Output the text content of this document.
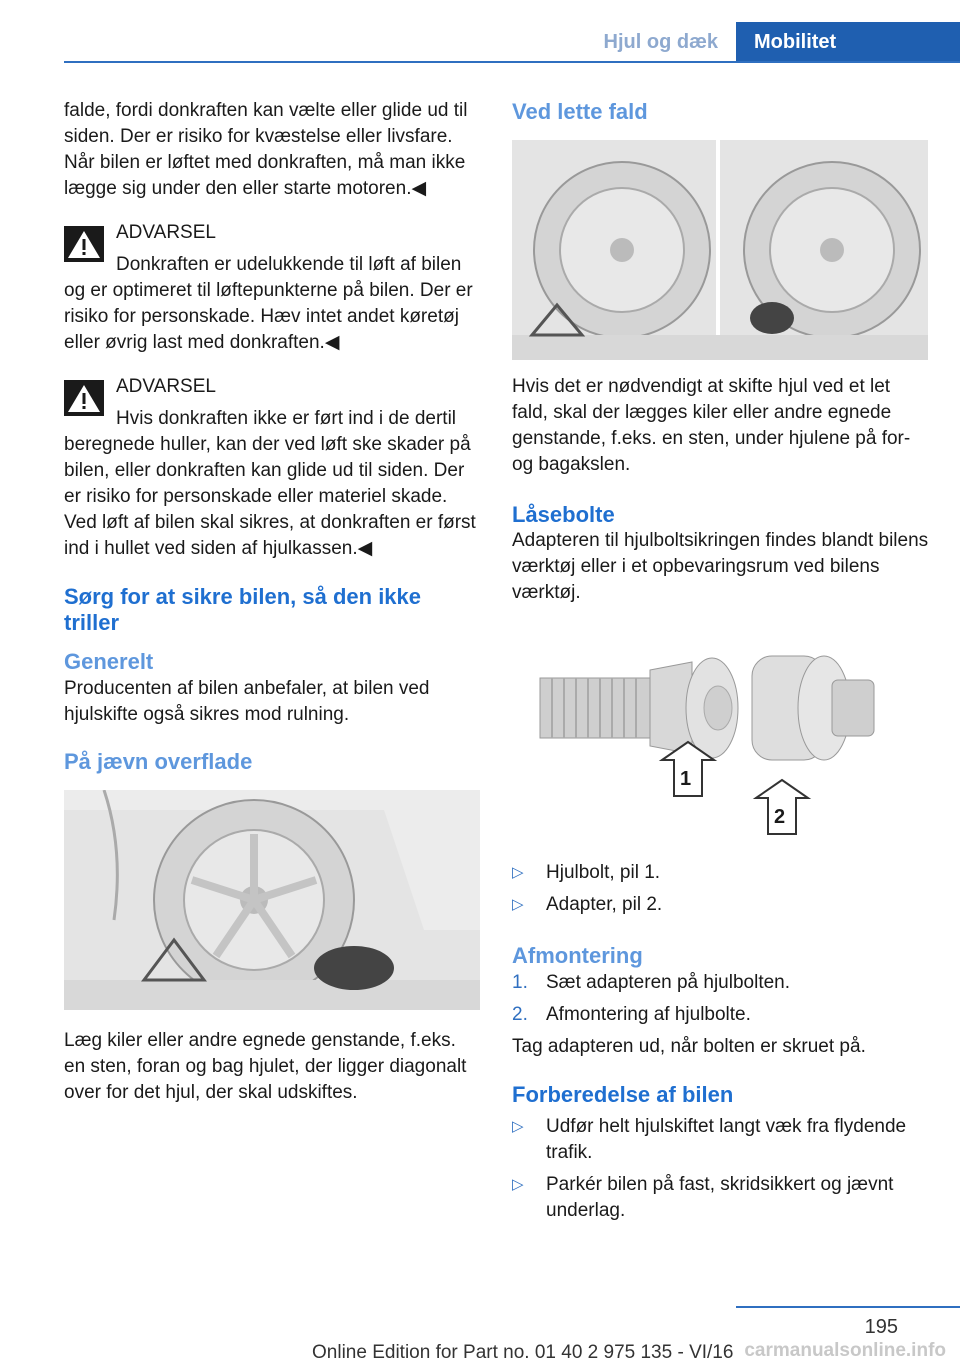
Hjul og dæk	Mobilitet

falde, fordi donkraften kan vælte eller glide ud til siden. Der er risiko for kvæstelse eller livsfare. Når bilen er løftet med donkraften, må man ikke lægge sig under den eller starte motoren.◀

ADVARSEL
Donkraften er udelukkende til løft af bilen og er optimeret til løftepunkterne på bilen. Der er risiko for personskade. Hæv intet andet køretøj eller øvrig last med donkraften.◀
ADVARSEL
Hvis donkraften ikke er ført ind i de dertil beregnede huller, kan der ved løft ske skader på bilen, eller donkraften kan glide ud til siden. Der er risiko for personskade eller materiel skade. Ved løft af bilen skal sikres, at donkraften er først ind i hullet ved siden af hjulkassen.◀
Sørg for at sikre bilen, så den ikke triller
Generelt

Producenten af bilen anbefaler, at bilen ved hjulskifte også sikres mod rulning.

På jævn overflade

Læg kiler eller andre egnede genstande, f.eks. en sten, foran og bag hjulet, der ligger diagonalt over for det hjul, der skal udskiftes.

Ved lette fald

Hvis det er nødvendigt at skifte hjul ved et let fald, skal der lægges kiler eller andre egnede genstande, f.eks. en sten, under hjulene på for- og bagakslen.

Låsebolte

Adapteren til hjulboltsikringen findes blandt bilens værktøj eller i et opbevaringsrum ved bilens værktøj.

1
2
▷ Hjulbolt, pil 1.
▷ Adapter, pil 2.
Afmontering
1. Sæt adapteren på hjulbolten.
2. Afmontering af hjulbolte.

Tag adapteren ud, når bolten er skruet på.

Forberedelse af bilen
▷ Udfør helt hjulskiftet langt væk fra flydende trafik.
▷ Parkér bilen på fast, skridsikkert og jævnt underlag.
195
Online Edition for Part no. 01 40 2 975 135 - VI/16 carmanualsonline.info
